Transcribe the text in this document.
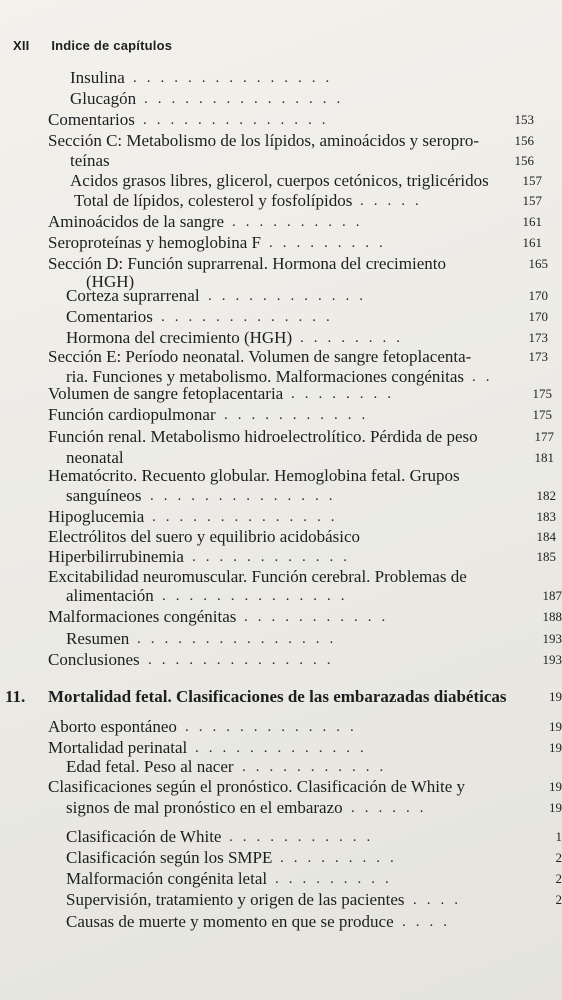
XII Indice de capítulos
Insulina ...............
Glucagón ...............
Comentarios ..............	153
Sección C: Metabolismo de los lípidos, aminoácidos y seropro-	156
teínas	156
Acidos grasos libres, glicerol, cuerpos cetónicos, triglicéridos	157
Total de lípidos, colesterol y fosfolípidos .....	157
Aminoácidos de la sangre ..........	161
Seroproteínas y hemoglobina F .........	161
Sección D: Función suprarrenal. Hormona del crecimiento	165
(HGH)
Corteza suprarrenal ............	170
Comentarios .............	170
Hormona del crecimiento (HGH) ........	173
Sección E: Período neonatal. Volumen de sangre fetoplacenta-	173
ria. Funciones y metabolismo. Malformaciones congénitas ..
Volumen de sangre fetoplacentaria ........	175
Función cardiopulmonar ...........	175
Función renal. Metabolismo hidroelectrolítico. Pérdida de peso	177
neonatal	181
Hematócrito. Recuento globular. Hemoglobina fetal. Grupos
sanguíneos ..............	182
Hipoglucemia ..............	183
Electrólitos del suero y equilibrio acidobásico	184
Hiperbilirrubinemia ............	185
Excitabilidad neuromuscular. Función cerebral. Problemas de
alimentación ..............	187
Malformaciones congénitas ...........	188
Resumen ...............	193
Conclusiones ..............	193
11. Mortalidad fetal. Clasificaciones de las embarazadas diabéticas	19
Aborto espontáneo .............	19
Mortalidad perinatal .............	19
Edad fetal. Peso al nacer ...........
Clasificaciones según el pronóstico. Clasificación de White y	19
signos de mal pronóstico en el embarazo ......	19
Clasificación de White ...........	1
Clasificación según los SMPE .........	2
Malformación congénita letal .........	2
Supervisión, tratamiento y origen de las pacientes ....	2
Causas de muerte y momento en que se produce ....
